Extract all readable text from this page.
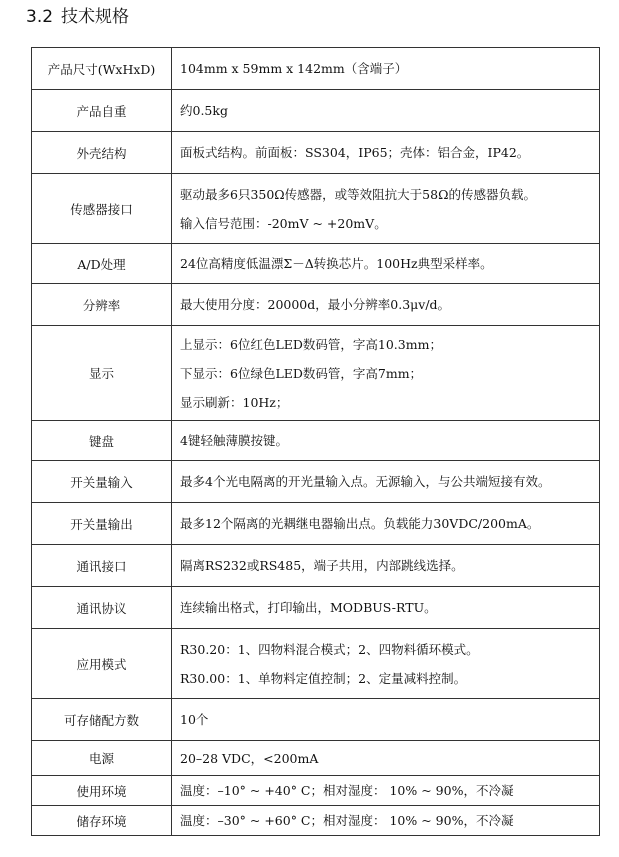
3.2 技术规格
产品尺寸(WxHxD)	104mm x 59mm x 142mm（含端子）

产品自重	约0.5kg

外壳结构	面板式结构。前面板：SS304，IP65；壳体：铝合金，IP42。

传感器接口	驱动最多6只350Ω传感器，或等效阻抗大于58Ω的传感器负载。
输入信号范围：-20mV ~ +20mV。

A/D处理	24位高精度低温漂Σ－Δ转换芯片。100Hz典型采样率。

分辨率	最大使用分度：20000d，最小分辨率0.3μv/d。

显示	上显示：6位红色LED数码管，字高10.3mm；
下显示：6位绿色LED数码管，字高7mm；
显示刷新：10Hz；

键盘	4键轻触薄膜按键。

开关量输入	最多4个光电隔离的开光量输入点。无源输入，与公共端短接有效。

开关量输出	最多12个隔离的光耦继电器输出点。负载能力30VDC/200mA。

通讯接口	隔离RS232或RS485，端子共用，内部跳线选择。

通讯协议	连续输出格式，打印输出，MODBUS-RTU。

应用模式	R30.20：1、四物料混合模式；2、四物料循环模式。
R30.00：1、单物料定值控制；2、定量减料控制。

可存储配方数	10个

电源	20–28 VDC，<200mA

使用环境	温度：–10° ~ +40° C；相对湿度： 10% ~ 90%，不冷凝

储存环境	温度：–30° ~ +60° C；相对湿度： 10% ~ 90%，不冷凝
